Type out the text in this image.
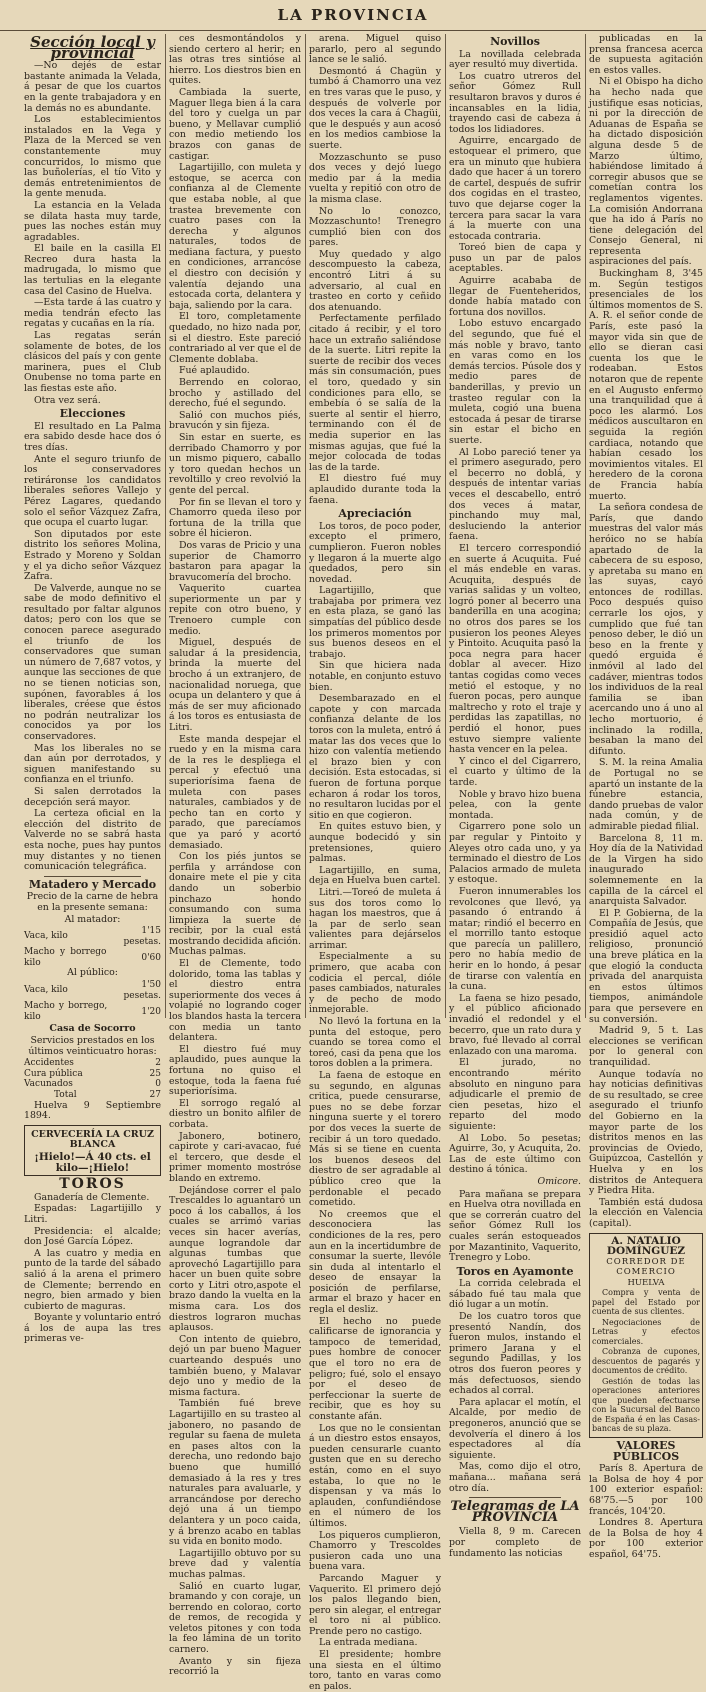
LA PROVINCIA
Sección local y provincial

—No dejés de estar bastante animada la Velada, á pesar de que los cuartos en la gente trabajadora y en la demás no es abundante.

Los establecimientos instalados en la Vega y Plaza de la Merced se ven constantemente muy concurridos, lo mismo que las buñolerías, el tío Vito y demás entretenimientos de la gente menuda.

La estancia en la Velada se dilata hasta muy tarde, pues las noches están muy agradables.

El baile en la casilla El Recreo dura hasta la madrugada, lo mismo que las tertulias en la elegante casa del Casino de Huelva.

—Esta tarde á las cuatro y media tendrán efecto las regatas y cucañas en la ría.

Las regatas serán solamente de botes, de los clásicos del país y con gente marinera, pues el Club Onubense no toma parte en las fiestas este año.

Otra vez será.

Elecciones

El resultado en La Palma era sabido desde hace dos ó tres días.

Ante el seguro triunfo de los conservadores retiráronse los candidatos liberales señores Vallejo y Pérez Lagares, quedando solo el señor Vázquez Zafra, que ocupa el cuarto lugar.

Son diputados por este distrito los señores Molina, Estrado y Moreno y Soldan y el ya dicho señor Vázquez Zafra.

De Valverde, aunque no se sabe de modo definitivo el resultado por faltar algunos datos; pero con los que se conocen parece asegurado el triunfo de los conservadores que suman un número de 7,687 votos, y aunque las secciones de que no se tienen noticias son, supónen, favorables á los liberales, créese que éstos no podrán neutralizar los conocidos ya por los conservadores.

Mas los liberales no se dan aún por derrotados, y siguen manifestando su confianza en el triunfo.

Si salen derrotados la decepción será mayor.

La certeza oficial en la elección del distrito de Valverde no se sabrá hasta esta noche, pues hay puntos muy distantes y no tienen comunicación telegráfica.

Matadero y Mercado

Precio de la carne de hebra en la presente semana:

Al matador:

Vaca, kilo	1'15 pesetas.
Macho y borrego kilo	0'60

Al público:

Vaca, kilo	1'50 pesetas.
Macho y borrego, kilo	1'20
Casa de Socorro

Servicios prestados en los últimos veinticuatro horas:

Accidentes	2
Cura pública	25
Vacunados	0
Total	27

Huelva 9 Septiembre 1894.

CERVECERÍA LA CRUZ BLANCA
¡Hielo!—Á 40 cts. el kilo—¡Hielo!
TOROS

Ganadería de Clemente.

Espadas: Lagartijillo y Litri.

Presidencia: el alcalde; don José García López.

A las cuatro y media en punto de la tarde del sábado salió á la arena el primero de Clemente; berrendo en negro, bien armado y bien cubierto de maguras.

Boyante y voluntario entró á los de aupa las tres primeras ve-

ces desmontándolos y siendo certero al herir; en las otras tres sintióse al hierro. Los diestros bien en quites.

Cambiada la suerte, Maguer llega bien á la cara del toro y cuelga un par bueno, y Mellavar cumplió con medio metiendo los brazos con ganas de castigar.

Lagartijillo, con muleta y estoque, se acerca con confianza al de Clemente que estaba noble, al que trastea brevemente con cuatro pases con la derecha y algunos naturales, todos de mediana factura, y puesto en condiciones, arrancóse el diestro con decisión y valentía dejando una estocada corta, delantera y baja, saliendo por la cara.

El toro, completamente quedado, no hizo nada por, si el diestro. Este pareció contrariado al ver que el de Clemente doblaba.

Fué aplaudido.

Berrendo en colorao, brocho y astillado del derecho, fué el segundo.

Salió con muchos piés, bravucón y sin fijeza.

Sin estar en suerte, es derribado Chamorro y por un mismo piquero, caballo y toro quedan hechos un revoltillo y creo revolvió la gente del percal.

Por fin se llevan el toro y Chamorro queda ileso por fortuna de la trilla que sobre él hicieron.

Dos varas de Pricio y una superior de Chamorro bastaron para apagar la bravucomería del brocho.

Vaquerito cuartea superiormente un par y repite con otro bueno, y Trenoero cumple con medio.

Miguel, después de saludar á la presidencia, brinda la muerte del brocho á un extranjero, de nacionalidad noruega, que ocupa un delantero y que á más de ser muy aficionado á los toros es entusiasta de Litri.

Este manda despejar el ruedo y en la misma cara de la res le despliega el percal y efectuó una superiorísima faena de muleta con pases naturales, cambiados y de pecho tan en corto y parado, que parecíamos que ya paró y acortó demasiado.

Con los piés juntos se perfila y arrándose con donaire mete el pie y cita dando un soberbio pinchazo hondo consumando con suma limpieza la suerte de recibir, por la cual está mostrando decidida afición. Muchas palmas.

El de Clemente, todo dolorido, toma las tablas y el diestro entra superiormente dos veces á volapié no logrando coger los blandos hasta la tercera con media un tanto delantera.

El diestro fué muy aplaudido, pues aunque la fortuna no quiso el estoque, toda la faena fué superiorísima.

El sorrogo regaló al diestro un bonito alfiler de corbata.

Jabonero, botinero, capirote y cari-avacao, fué el tercero, que desde el primer momento mostróse blando en extremo.

Dejándose correr el palo Trescaldes lo aguantaró un poco á los caballos, á los cuales se arrimó varias veces sin hacer averías, aunque lograndole dar algunas tumbas que aprovechó Lagartijillo para hacer un buen quite sobre corto y Litri otro,aspote el brazo dando la vuelta en la misma cara. Los dos diestros lograron muchas aplausos.

Con intento de quiebro, dejó un par bueno Maguer cuarteando después uno también bueno, y Malavar dejo uno y medio de la misma factura.

También fué breve Lagartijillo en su trasteo al jabonero, no pasando de regular su faena de muleta en pases altos con la derecha, uno redondo bajo bueno que humilló demasiado á la res y tres naturales para avaluarle, y arrancándose por derecho dejó una á un tiempo delantera y un poco caida, y á brenzo acabo en tablas su vida en bonito modo.

Lagartijillo obtuvo por su breve dad y valentía muchas palmas.

Salió en cuarto lugar, bramando y con coraje, un berrendo en colorao, corto de remos, de recogida y veletos pitones y con toda la feo lámina de un torito carnero.

Avanto y sin fijeza recorrió la

arena. Miguel quiso pararlo, pero al segundo lance se le salió.

Desmontó á Chagün y tumbó á Chamorro una vez en tres varas que le puso, y después de volverle por dos veces la cara á Chagüi, que le después y aun acosó en los medios cambiose la suerte.

Mozzaschunto se puso dos veces y dejó luego medio par á la media vuelta y repitió con otro de la misma clase.

No lo conozco, Mozzaschunto! Trenegro cumplió bien con dos pares.

Muy quedado y algo descompuesto la cabeza, encontró Litri á su adversario, al cual en trasteo en corto y ceñido dos atenuando.

Perfectamente perfilado citado á recibir, y el toro hace un extraño saliéndose de la suerte. Litri repite la suerte de recibir dos veces más sin consumación, pues el toro, quedado y sin condiciones para ello, se embebía ó se salía de la suerte al sentir el hierro, terminando con él de media superior en las mismas agujas, que fué la mejor colocada de todas las de la tarde.

El diestro fué muy aplaudido durante toda la faena.

Apreciación

Los toros, de poco poder, excepto el primero, cumplieron. Fueron nobles y llegaron á la muerte algo quedados, pero sin novedad.

Lagartijillo, que trabajaba por primera vez en esta plaza, se ganó las simpatías del público desde los primeros momentos por sus buenos deseos en el trabajo.

Sin que hiciera nada notable, en conjunto estuvo bien.

Desembarazado en el capote y con marcada confianza delante de los toros con la muleta, entró á matar las dos veces que lo hizo con valentía metiendo el brazo bien y con decisión. Esta estocadas, si fueron de fortuna porque echaron á rodar los toros, no resultaron lucidas por el sitio en que cogieron.

En quites estuvo bien, y aunque bodecidó y sin pretensiones, quiero palmas.

Lagartijillo, en suma, deja en Huelva buen cartel.

Litri.—Toreó de muleta á sus dos toros como lo hagan los maestros, que á la par de serlo sean valientes para dejárselos arrimar.

Especialmente a su primero, que acaba con codicia el percal, dióle pases cambiados, naturales y de pecho de modo inmejorable.

No llevó la fortuna en la punta del estoque, pero cuando se torea como el toreó, casi da pena que los toros doblen a la primera.

La faena de estoque en su segundo, en algunas critica, puede censurarse, pues no se debe forzar ninguna suerte y el torero por dos veces la suerte de recibir á un toro quedado. Más si se tiene en cuenta los buenos deseos del diestro de ser agradable al público creo que la perdonable el pecado cometido.

No creemos que el desconociera las condiciones de la res, pero aun en la incertidumbre de consumar la suerte, llevóle sin duda al intentarlo el deseo de ensayar la posición de perfilarse, armar el brazo y hacer en regla el desliz.

El hecho no puede calificarse de ignorancia y tampoco de temeridad, pues hombre de conocer que el toro no era de peligro; fué, solo el ensayo por el deseo de perfeccionar la suerte de recibir, que es hoy su constante afán.

Los que no le consientan á un diestro estos ensayos, pueden censurarle cuanto gusten que en su derecho están, como en el suyo estaba, lo que no le dispensan y va más lo aplauden, confundiéndose en el número de los últimos.

Los piqueros cumplieron, Chamorro y Trescoldes pusieron cada uno una buena vara.

Parcando Maguer y Vaquerito. El primero dejó los palos llegando bien, pero sin alegar, el entregar el toro ni al público. Prende pero no castigo.

La entrada mediana.

El presidente; hombre una siesta en el último toro, tanto en varas como en palos.

Novillos

La novillada celebrada ayer resultó muy divertida.

Los cuatro utreros del señor Gómez Rull resultaron bravos y duros é incansables en la lidia, trayendo casi de cabeza á todos los lidiadores.

Aguirre, encargado de estoquear el primero, que era un minuto que hubiera dado que hacer á un torero de cartel, después de sufrir dos cogidas en el trasteo, tuvo que dejarse coger la tercera para sacar la vara á la muerte con una estocada contraria.

Toreó bien de capa y puso un par de palos aceptables.

Aguirre acababa de llegar de Fuenteheridos, donde había matado con fortuna dos novillos.

Lobo estuvo encargado del segundo, que fué el más noble y bravo, tanto en varas como en los demás tercios. Púsole dos y medio pares de banderillas, y previo un trasteo regular con la muleta, cogió una buena estocada á pesar de tirarse sin estar el bicho en suerte.

Al Lobo pareció tener ya el primero asegurado, pero el becerro no doblá, y después de intentar varias veces el descabello, entró dos veces á matar, pinchando muy mal, desluciendo la anterior faena.

El tercero correspondió en suerte á Acuquita. Fué el más endeble en varas. Acuquita, después de varias salidas y un volteo, logró poner al becerro una banderilla en una acogina; no otros dos pares se los pusieron los peones Aleyes y Pintoito. Acuquita pasó la poca negra para hacer doblar al avecer. Hizo tantas cogidas como veces metió el estoque, y no fueron pocas, pero aunque maltrecho y roto el traje y perdidas las zapatillas, no perdió el honor, pues estuvo siempre valiente hasta vencer en la pelea.

Y cinco el del Cigarrero, el cuarto y último de la tarde.

Noble y bravo hizo buena pelea, con la gente montada.

Cigarrero pone solo un par regular y Pintoito y Aleyes otro cada uno, y ya terminado el diestro de Los Palacios armado de muleta y estoque.

Fueron innumerables los revolcones que llevó, ya pasando ó entrando á matar; rindió el becerro en el morrillo tanto estoque que parecía un palillero, pero no había medio de herir en lo hondo, á pesar de tirarse con valentía en la cuna.

La faena se hizo pesado, y el público aficionado invadió el redondel y el becerro, que un rato dura y bravo, fué llevado al corral enlazado con una maroma.

El jurado, no encontrando mérito absoluto en ninguno para adjudicarle el premio de cien pesetas, hizo el reparto del modo siguiente:

Al Lobo. 5o pesetas; Aguirre, 3o, y Acuquita, 2o. Las de este último con destino á tónica.

Omicore.

Para mañana se prepara en Huelva otra novillada en que se correrán cuatro del señor Gómez Rull los cuales serán estoqueados por Mazantinito, Vaquerito, Trenegro y Lobo.

Toros en Ayamonte

La corrida celebrada el sábado fué tau mala que dió lugar a un motín.

De los cuatro toros que presentó Nandín, dos fueron mulos, instando el primero Jarana y el segundo Padillas, y los otros dos fueron peores y más defectuosos, siendo echados al corral.

Para aplacar el motín, el Alcalde, por medio de pregoneros, anunció que se devolvería el dinero á los espectadores al día siguiente.

Mas, como dijo el otro, mañana... mañana será otro día.

Telegramas de LA PROVINCIA

Viella 8, 9 m. Carecen por completo de fundamento las noticias

publicadas en la prensa francesa acerca de supuesta agitación en estos valles.

Ni el Obispo ha dicho ha hecho nada que justifique esas noticias, ni por la dirección de Aduanas de España se ha dictado disposición alguna desde 5 de Marzo último, habiéndose limitado á corregir abusos que se cometían contra los reglamentos vigentes. La comisión Andorrana que ha ido á París no tiene delegación del Consejo General, ni representa aspiraciones del país.

Buckingham 8, 3'45 m. Según testigos presenciales de los últimos momentos de S. A. R. el señor conde de París, este pasó la mayor vida sin que de ello se dieran casi cuenta los que le rodeaban. Estos notaron que de repente en el Augusto enfermo una tranquilidad que á poco les alarmó. Los médicos auscultaron en seguida la región cardiaca, notando que habían cesado los movimientos vitales. El heredero de la corona de Francia había muerto.

La señora condesa de París, que dando muestras del valor más heróico no se había apartado de la cabecera de su esposo, y apretaba su mano en las suyas, cayó entonces de rodillas. Poco después quiso cerrarle los ojos, y cumplido que fué tan penoso deber, le dió un beso en la frente y quedó erguida é inmóvil al lado del cadáver, mientras todos los individuos de la real familia se iban acercando uno á uno al lecho mortuorio, é inclinado la rodilla, besaban la mano del difunto.

S. M. la reina Amalia de Portugal no se apartó un instante de la fúnebre estancia, dando pruebas de valor nada común, y de admirable piedad filial.

Barcelona 8, 11 m. Hoy día de la Natividad de la Virgen ha sido inaugurado solemnemente en la capilla de la cárcel el anarquista Salvador.

El P. Gobierna, de la Compañía de Jesús, que presidió aquel acto religioso, pronunció una breve plática en la que elogió la conducta privada del anarquista en estos últimos tiempos, animándole para que persevere en su conversión.

Madrid 9, 5 t. Las elecciones se verifican por lo general con tranquilidad.

Aunque todavía no hay noticias definitivas de su resultado, se cree asegurado el triunfo del Gobierno en la mayor parte de los distritos menos en las provincias de Oviedo, Guipúzcoa, Castellón y Huelva y en los distritos de Antequera y Piedra Hita.

También está dudosa la elección en Valencia (capital).

A. NATALIO DOMÍNGUEZ
CORREDOR DE COMERCIO
HUELVA

Compra y venta de papel del Estado por cuenta de sus clientes.

Negociaciones de Letras y efectos comerciales.

Cobranza de cupones, descuentos de pagarés y documentos de crédito.

Gestión de todas las operaciones anteriores que pueden efectuarse con la Sucursal del Banco de España é en las Casas-bancas de su plaza.

VALORES PÚBLICOS

París 8. Apertura de la Bolsa de hoy 4 por 100 exterior español: 68'75.—5 por 100 francés, 104'20.

Londres 8. Apertura de la Bolsa de hoy 4 por 100 exterior español, 64'75.
